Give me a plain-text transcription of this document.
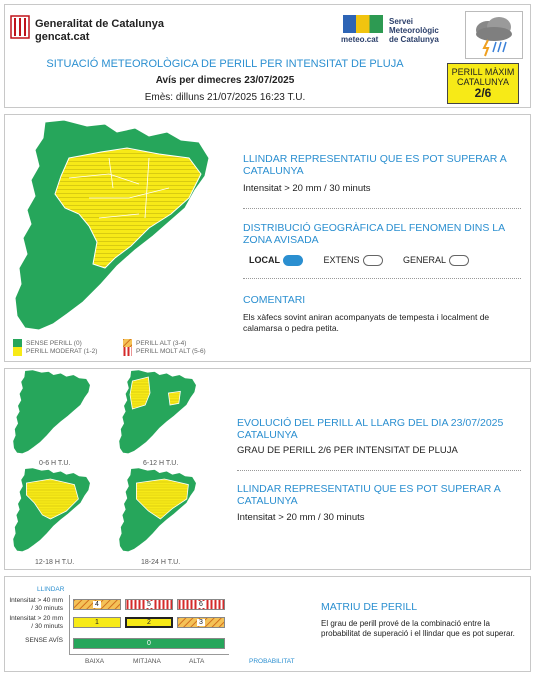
Generalitat de Catalunya
gencat.cat	meteo.cat
Servei
Meteorològic
de Catalunya
SITUACIÓ METEOROLÒGICA DE PERILL PER INTENSITAT DE PLUJA
Avís per dimecres 23/07/2025
Emès: dilluns 21/07/2025 16:23 T.U.
PERILL MÀXIM
CATALUNYA
2/6
SENSE PERILL (0)
PERILL MODERAT (1-2)
PERILL ALT (3-4)
PERILL MOLT ALT (5-6)
LLINDAR REPRESENTATIU QUE ES POT SUPERAR A CATALUNYA
Intensitat > 20 mm / 30 minuts
DISTRIBUCIÓ GEOGRÀFICA DEL FENOMEN DINS LA ZONA AVISADA
LOCAL	EXTENS	GENERAL
COMENTARI
Els xàfecs sovint aniran acompanyats de tempesta i localment de calamarsa o pedra petita.
0-6 H T.U.	6-12 H T.U.
12-18 H T.U.	18-24 H T.U.
EVOLUCIÓ DEL PERILL AL LLARG DEL DIA 23/07/2025 CATALUNYA
GRAU DE PERILL 2/6 PER INTENSITAT DE PLUJA
LLINDAR REPRESENTATIU QUE ES POT SUPERAR A CATALUNYA
Intensitat > 20 mm / 30 minuts
LLINDAR
Intensitat > 40 mm / 30 minuts
Intensitat > 20 mm / 30 minuts
SENSE AVÍS
4	5	6
1	2	3
0
BAIXA	MITJANA	ALTA	PROBABILITAT
MATRIU DE PERILL
El grau de perill prové de la combinació entre la probabilitat de superació i el llindar que es pot superar.
